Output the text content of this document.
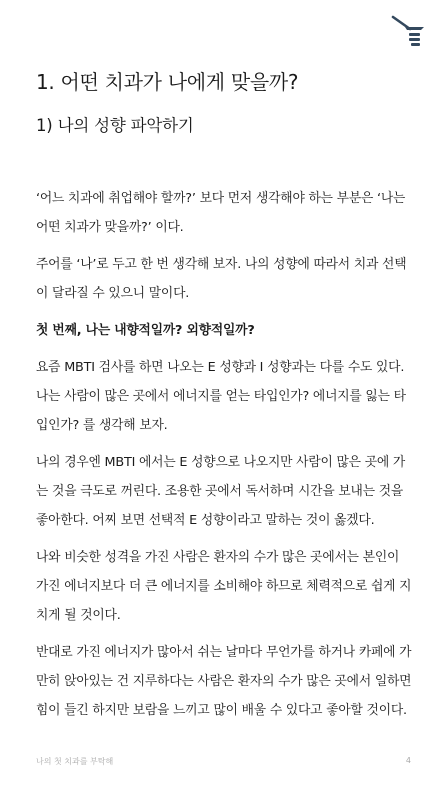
1. 어떤 치과가 나에게 맞을까?
1) 나의 성향 파악하기

‘어느 치과에 취업해야 할까?’ 보다 먼저 생각해야 하는 부분은 ‘나는 어떤 치과가 맞을까?’ 이다.

주어를 ‘나’로 두고 한 번 생각해 보자. 나의 성향에 따라서 치과 선택이 달라질 수 있으니 말이다.

첫 번째, 나는 내향적일까? 외향적일까?

요즘 MBTI 검사를 하면 나오는 E 성향과 I 성향과는 다를 수도 있다. 나는 사람이 많은 곳에서 에너지를 얻는 타입인가? 에너지를 잃는 타입인가? 를 생각해 보자.

나의 경우엔 MBTI 에서는 E 성향으로 나오지만 사람이 많은 곳에 가는 것을 극도로 꺼린다. 조용한 곳에서 독서하며 시간을 보내는 것을 좋아한다. 어찌 보면 선택적 E 성향이라고 말하는 것이 옳겠다.

나와 비슷한 성격을 가진 사람은 환자의 수가 많은 곳에서는 본인이 가진 에너지보다 더 큰 에너지를 소비해야 하므로 체력적으로 쉽게 지치게 될 것이다.

반대로 가진 에너지가 많아서 쉬는 날마다 무언가를 하거나 카페에 가만히 앉아있는 건 지루하다는 사람은 환자의 수가 많은 곳에서 일하면 힘이 들긴 하지만 보람을 느끼고 많이 배울 수 있다고 좋아할 것이다.

나의 첫 치과를 부탁해	4
